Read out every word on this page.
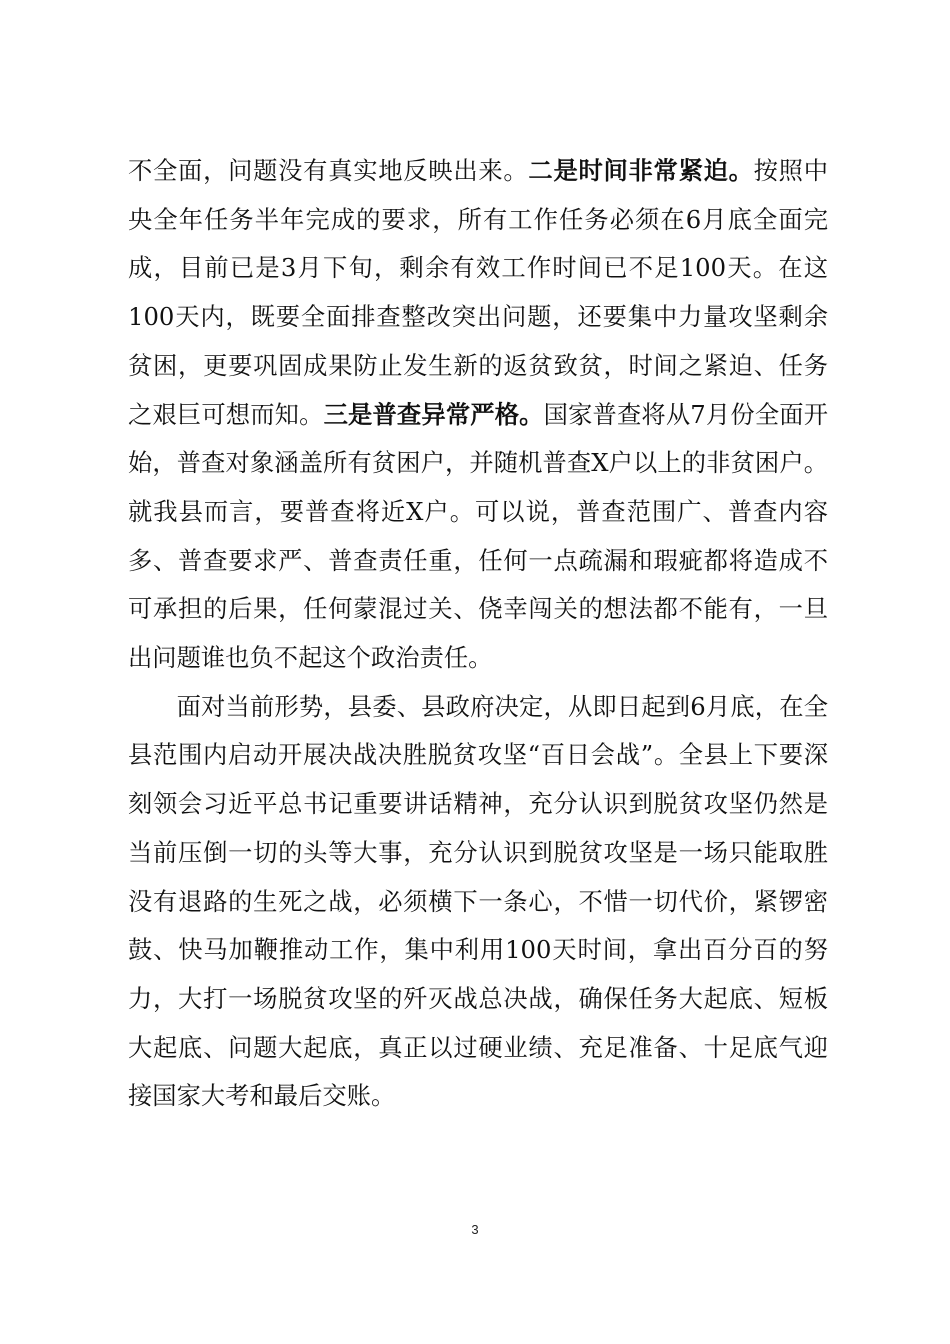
不全面，问题没有真实地反映出来。二是时间非常紧迫。按照中央全年任务半年完成的要求，所有工作任务必须在6月底全面完成，目前已是3月下旬，剩余有效工作时间已不足100天。在这100天内，既要全面排查整改突出问题，还要集中力量攻坚剩余贫困，更要巩固成果防止发生新的返贫致贫，时间之紧迫、任务之艰巨可想而知。三是普查异常严格。国家普查将从7月份全面开始，普查对象涵盖所有贫困户，并随机普查X户以上的非贫困户。就我县而言，要普查将近X户。可以说，普查范围广、普查内容多、普查要求严、普查责任重，任何一点疏漏和瑕疵都将造成不可承担的后果，任何蒙混过关、侥幸闯关的想法都不能有，一旦出问题谁也负不起这个政治责任。

面对当前形势，县委、县政府决定，从即日起到6月底，在全县范围内启动开展决战决胜脱贫攻坚“百日会战”。全县上下要深刻领会习近平总书记重要讲话精神，充分认识到脱贫攻坚仍然是当前压倒一切的头等大事，充分认识到脱贫攻坚是一场只能取胜没有退路的生死之战，必须横下一条心，不惜一切代价，紧锣密鼓、快马加鞭推动工作，集中利用100天时间，拿出百分百的努力，大打一场脱贫攻坚的歼灭战总决战，确保任务大起底、短板大起底、问题大起底，真正以过硬业绩、充足准备、十足底气迎接国家大考和最后交账。

3
